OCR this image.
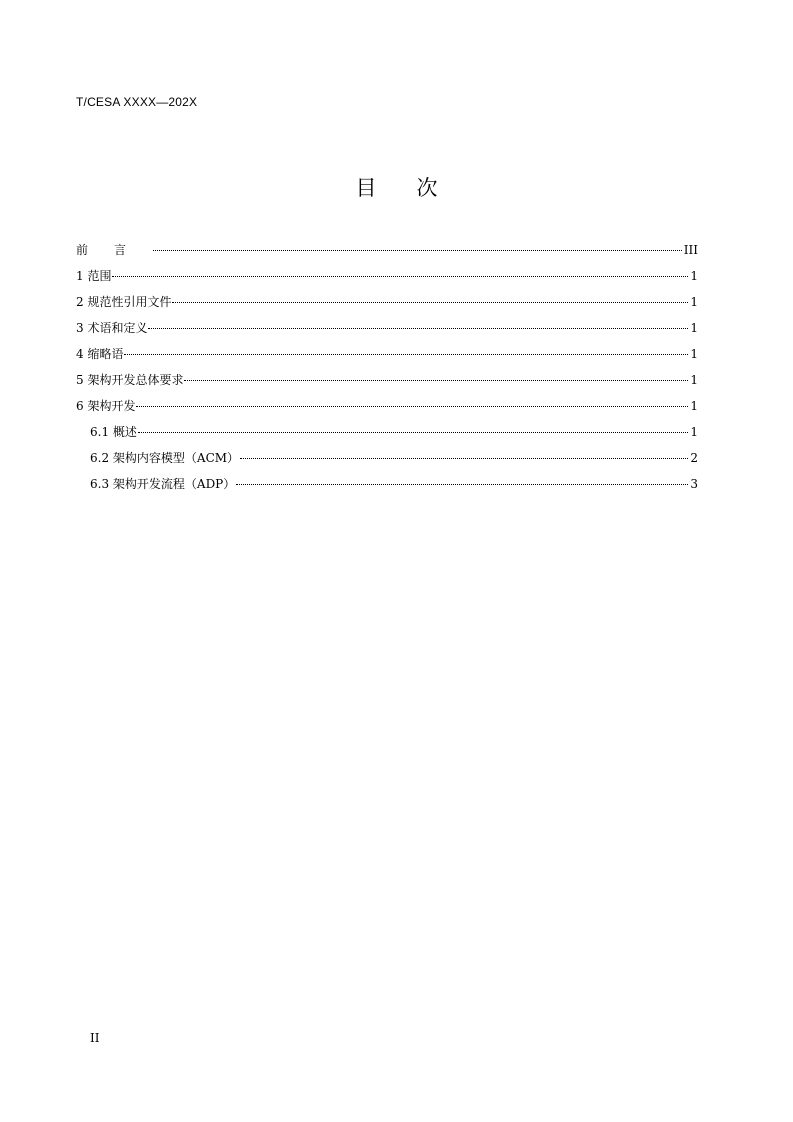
T/CESA XXXX—202X
目次
前言	III
1 范围	1
2 规范性引用文件	1
3 术语和定义	1
4 缩略语	1
5 架构开发总体要求	1
6 架构开发	1
6.1 概述	1
6.2 架构内容模型（ACM）	2
6.3 架构开发流程（ADP）	3
II
